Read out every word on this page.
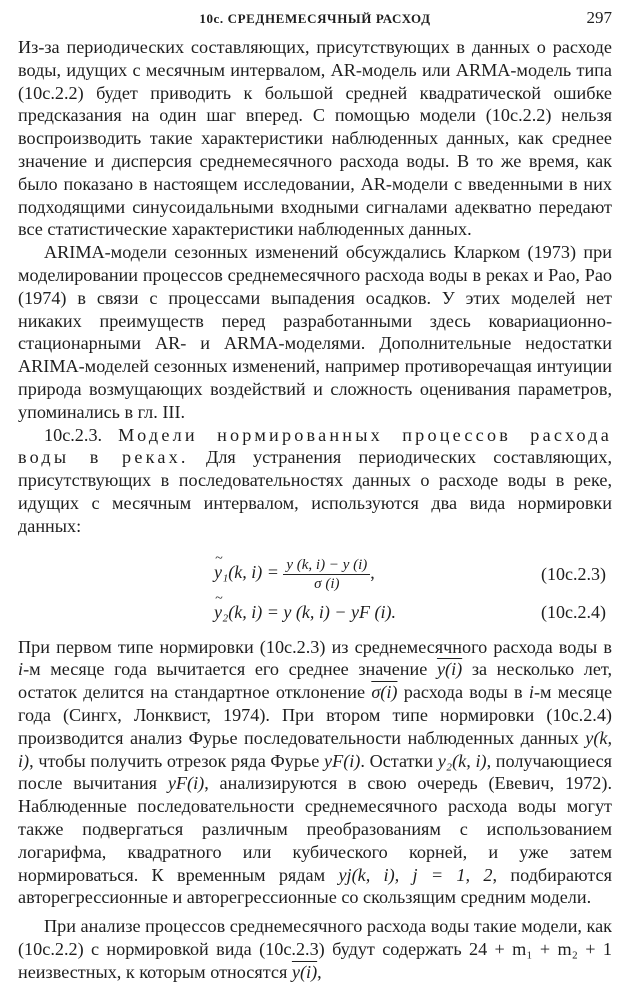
10с. СРЕДНЕМЕСЯЧНЫЙ РАСХОД	297

Из-за периодических составляющих, присутствующих в данных о расходе воды, идущих с месячным интервалом, AR-модель или ARMA-модель типа (10с.2.2) будет приводить к большой средней квадратической ошибке предсказания на один шаг вперед. С помощью модели (10с.2.2) нельзя воспроизводить такие характеристики наблюденных данных, как среднее значение и дисперсия среднемесячного расхода воды. В то же время, как было показано в настоящем исследовании, AR-модели с введенными в них подходящими синусоидальными входными сигналами адекватно передают все статистические характеристики наблюденных данных.

ARIMA-модели сезонных изменений обсуждались Кларком (1973) при моделировании процессов среднемесячного расхода воды в реках и Рао, Рао (1974) в связи с процессами выпадения осадков. У этих моделей нет никаких преимуществ перед разработанными здесь ковариационно-стационарными AR- и ARMA-моделями. Дополнительные недостатки ARIMA-моделей сезонных изменений, например противоречащая интуиции природа возмущающих воздействий и сложность оценивания параметров, упоминались в гл. III.

10с.2.3. Модели нормированных процессов расхода воды в реках. Для устранения периодических составляющих, присутствующих в последовательностях данных о расходе воды в реке, идущих с месячным интервалом, используются два вида нормировки данных:

~ y₁(k, $i) = \frac{y (k, i) - y (i)}{\sigma (i)}$ ,	(10с.2.3)
~ y₂(k, i) = y (k, i) − yF (i).	(10с.2.4)

При первом типе нормировки (10с.2.3) из среднемесячного расхода воды в i-м месяце года вычитается его среднее значение y(i) за несколько лет, остаток делится на стандартное отклонение σ(i) расхода воды в i-м месяце года (Сингх, Лонквист, 1974). При втором типе нормировки (10с.2.4) производится анализ Фурье последовательности наблюденных данных y(k, i), чтобы получить отрезок ряда Фурье yF(i). Остатки y₂(k, i), получающиеся после вычитания yF(i), анализируются в свою очередь (Евевич, 1972). Наблюденные последовательности среднемесячного расхода воды могут также подвергаться различным преобразованиям с использованием логарифма, квадратного или кубического корней, и уже затем нормироваться. К временным рядам yj(k, i), j = 1, 2, подбираются авторегрессионные и авторегрессионные со скользящим средним модели.

При анализе процессов среднемесячного расхода воды такие модели, как (10с.2.2) с нормировкой вида (10с.2.3) будут содержать 24 + m₁ + m₂ + 1 неизвестных, к которым относятся y(i),
